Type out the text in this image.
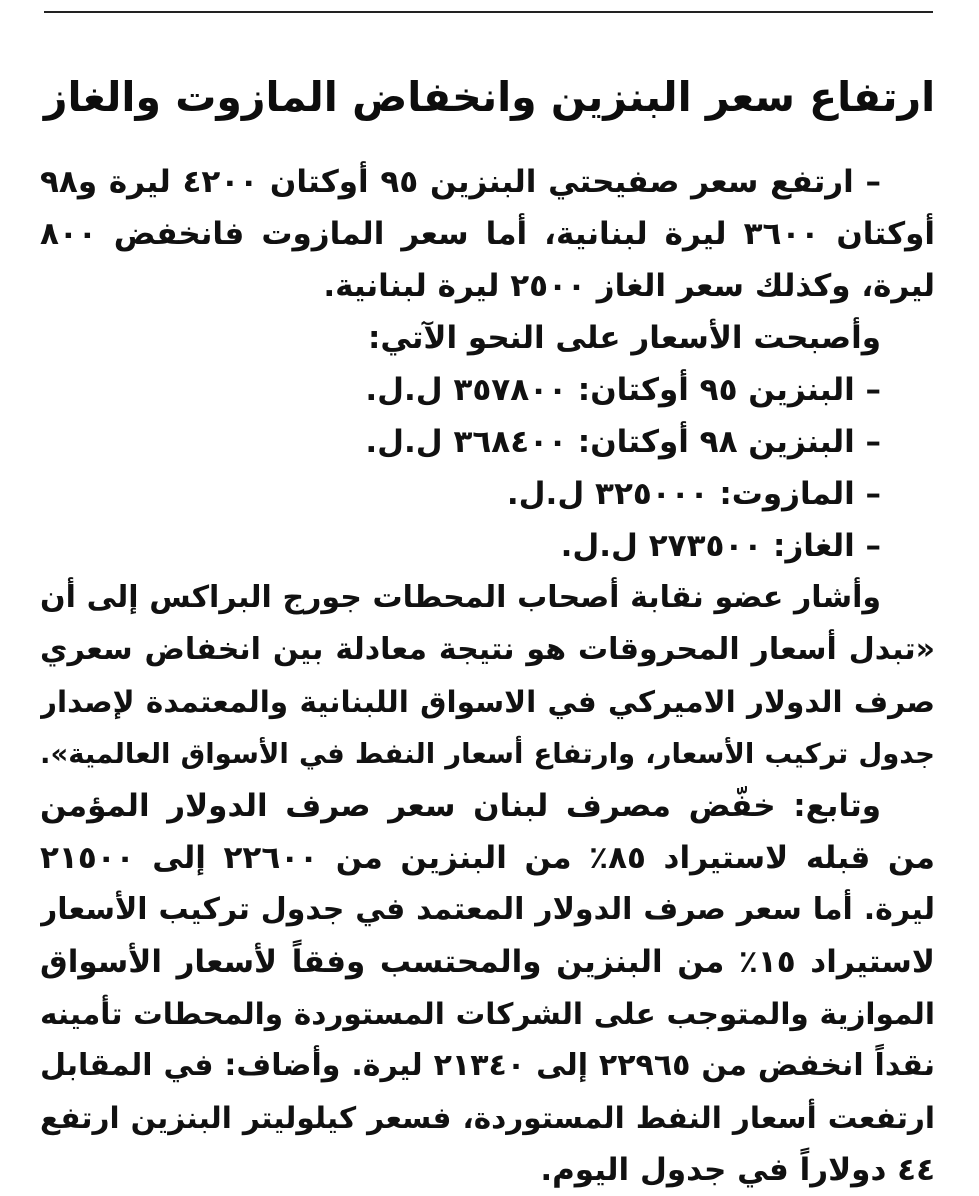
ارتفاع سعر البنزين وانخفاض المازوت والغاز
– ارتفع سعر صفيحتي البنزين ٩٥ أوكتان ٤٢٠٠ ليرة و٩٨
أوكتان ٣٦٠٠ ليرة لبنانية، أما سعر المازوت فانخفض ٨٠٠
ليرة، وكذلك سعر الغاز ٢٥٠٠ ليرة لبنانية.
وأصبحت الأسعار على النحو الآتي:
– البنزين ٩٥ أوكتان: ٣٥٧٨٠٠ ل.ل.
– البنزين ٩٨ أوكتان: ٣٦٨٤٠٠ ل.ل.
– المازوت: ٣٢٥٠٠٠ ل.ل.
– الغاز: ٢٧٣٥٠٠ ل.ل.
وأشار عضو نقابة أصحاب المحطات جورج البراكس إلى أن
«تبدل أسعار المحروقات هو نتيجة معادلة بين انخفاض سعري
صرف الدولار الاميركي في الاسواق اللبنانية والمعتمدة لإصدار
جدول تركيب الأسعار، وارتفاع أسعار النفط في الأسواق العالمية».
وتابع: خفّض مصرف لبنان سعر صرف الدولار المؤمن
من قبله لاستيراد ٨٥٪ من البنزين من ٢٢٦٠٠ إلى ٢١٥٠٠
ليرة. أما سعر صرف الدولار المعتمد في جدول تركيب الأسعار
لاستيراد ١٥٪ من البنزين والمحتسب وفقاً لأسعار الأسواق
الموازية والمتوجب على الشركات المستوردة والمحطات تأمينه
نقداً انخفض من ٢٢٩٦٥ إلى ٢١٣٤٠ ليرة. وأضاف: في المقابل
ارتفعت أسعار النفط المستوردة، فسعر كيلوليتر البنزين ارتفع
٤٤ دولاراً في جدول اليوم.
